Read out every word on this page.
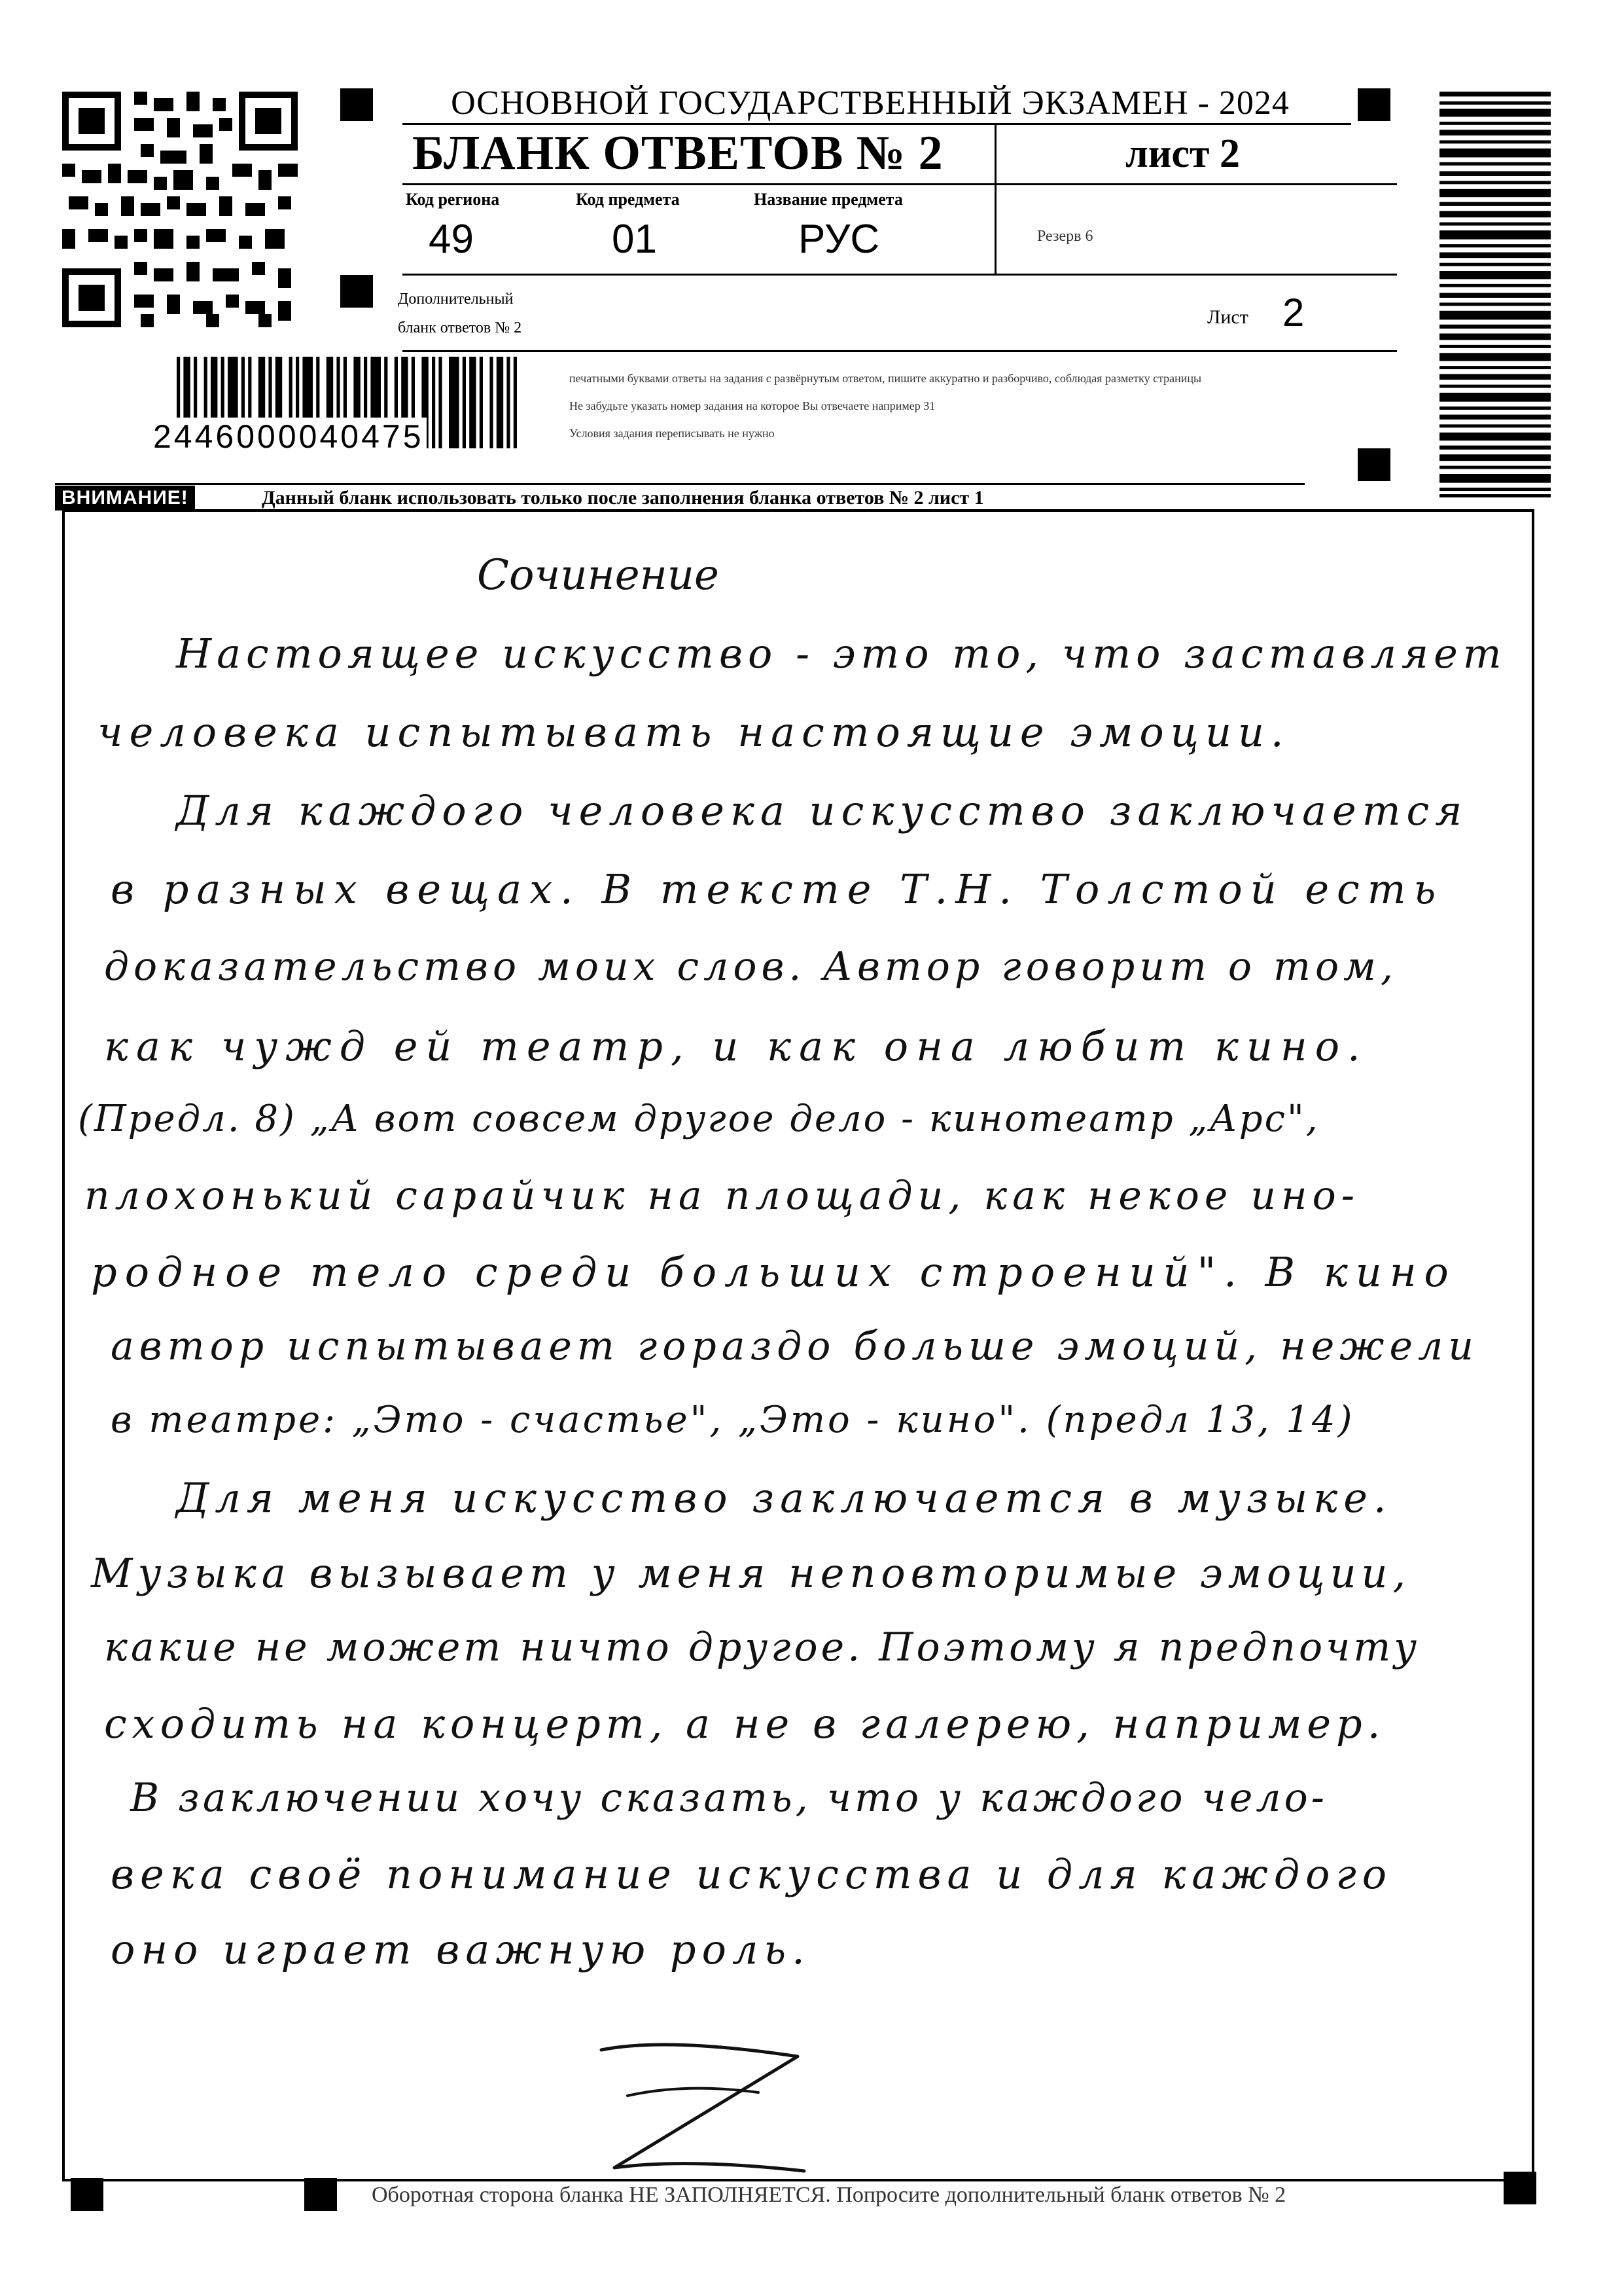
2446000040475
ОСНОВНОЙ ГОСУДАРСТВЕННЫЙ ЭКЗАМЕН - 2024
БЛАНК ОТВЕТОВ № 2	лист 2
Код региона
49
Код предмета
01
Название предмета
РУС	Резерв 6
Дополнительный
бланк ответов № 2	Лист 2
печатными буквами ответы на задания с развёрнутым ответом, пишите аккуратно и разборчиво, соблюдая разметку страницы
Не забудьте указать номер задания на которое Вы отвечаете например 31
Условия задания переписывать не нужно
ВНИМАНИЕ!	Данный бланк использовать только после заполнения бланка ответов № 2 лист 1
Сочинение
Настоящее искусство - это то, что заставляет
человека испытывать настоящие эмоции.
Для каждого человека искусство заключается
в разных вещах. В тексте Т.Н. Толстой есть
доказательство моих слов. Автор говорит о том,
как чужд ей театр, и как она любит кино.
(Предл. 8) „А вот совсем другое дело - кинотеатр „Арс",
плохонький сарайчик на площади, как некое ино-
родное тело среди больших строений". В кино
автор испытывает гораздо больше эмоций, нежели
в театре: „Это - счастье", „Это - кино". (предл 13, 14)
Для меня искусство заключается в музыке.
Музыка вызывает у меня неповторимые эмоции,
какие не может ничто другое. Поэтому я предпочту
сходить на концерт, а не в галерею, например.
В заключении хочу сказать, что у каждого чело-
века своё понимание искусства и для каждого
оно играет важную роль.
Оборотная сторона бланка НЕ ЗАПОЛНЯЕТСЯ. Попросите дополнительный бланк ответов № 2
